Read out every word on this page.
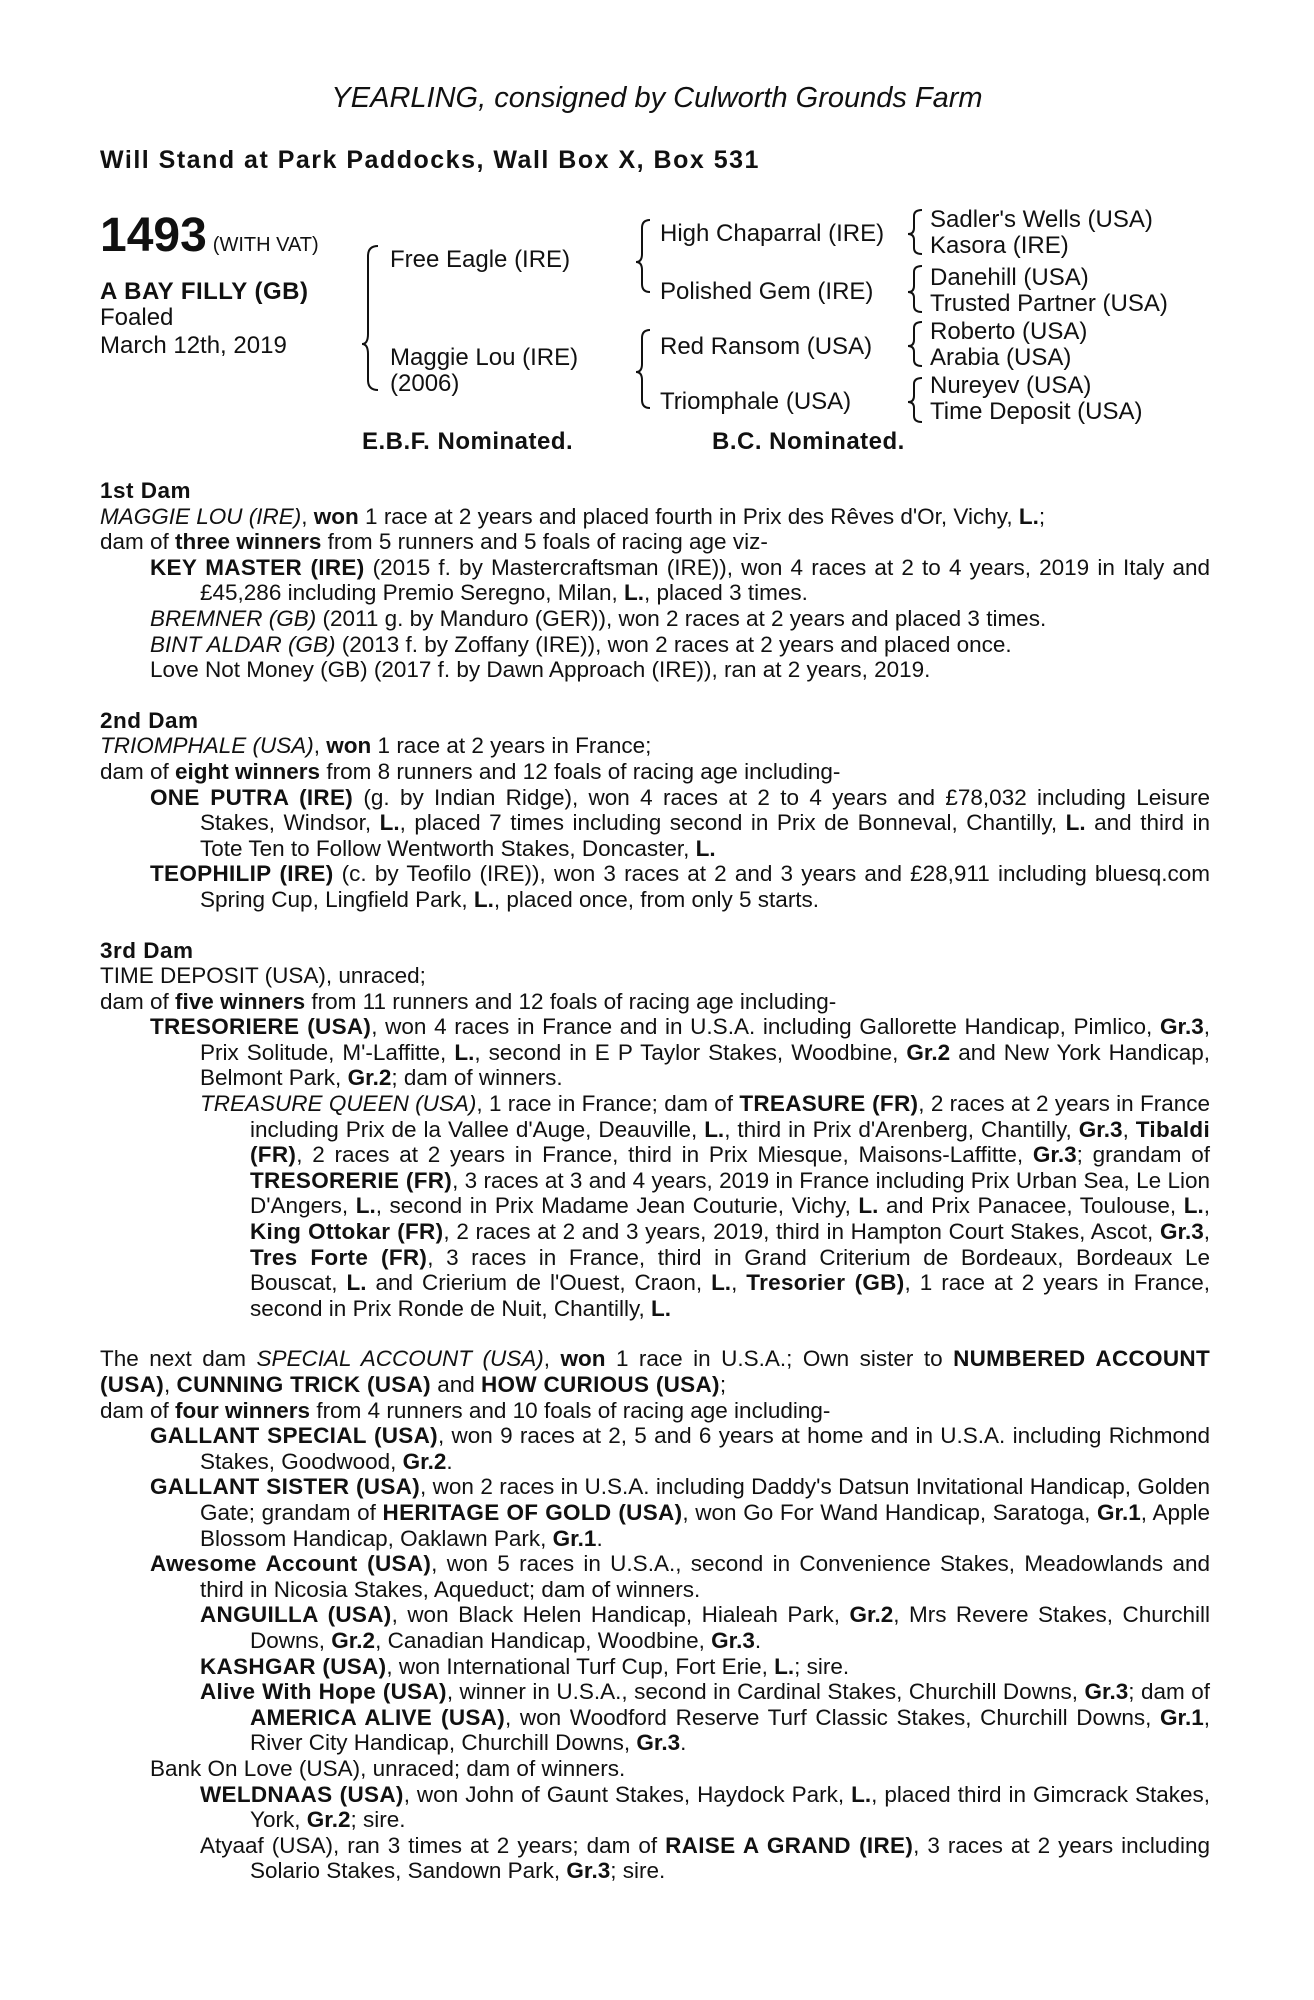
YEARLING, consigned by Culworth Grounds Farm
Will Stand at Park Paddocks, Wall Box X, Box 531
1493 (WITH VAT)
A BAY FILLY (GB)
Foaled
March 12th, 2019
Free Eagle (IRE)
Maggie Lou (IRE)
(2006)
High Chaparral (IRE)
Polished Gem (IRE)
Red Ransom (USA)
Triomphale (USA)
Sadler's Wells (USA)
Kasora (IRE)
Danehill (USA)
Trusted Partner (USA)
Roberto (USA)
Arabia (USA)
Nureyev (USA)
Time Deposit (USA)
E.B.F. Nominated.	B.C. Nominated.
1st Dam
MAGGIE LOU (IRE), won 1 race at 2 years and placed fourth in Prix des Rêves d'Or, Vichy, L.;
dam of three winners from 5 runners and 5 foals of racing age viz-
KEY MASTER (IRE) (2015 f. by Mastercraftsman (IRE)), won 4 races at 2 to 4 years, 2019 in Italy and £45,286 including Premio Seregno, Milan, L., placed 3 times.
BREMNER (GB) (2011 g. by Manduro (GER)), won 2 races at 2 years and placed 3 times.
BINT ALDAR (GB) (2013 f. by Zoffany (IRE)), won 2 races at 2 years and placed once.
Love Not Money (GB) (2017 f. by Dawn Approach (IRE)), ran at 2 years, 2019.
2nd Dam
TRIOMPHALE (USA), won 1 race at 2 years in France;
dam of eight winners from 8 runners and 12 foals of racing age including-
ONE PUTRA (IRE) (g. by Indian Ridge), won 4 races at 2 to 4 years and £78,032 including Leisure Stakes, Windsor, L., placed 7 times including second in Prix de Bonneval, Chantilly, L. and third in Tote Ten to Follow Wentworth Stakes, Doncaster, L.
TEOPHILIP (IRE) (c. by Teofilo (IRE)), won 3 races at 2 and 3 years and £28,911 including bluesq.com Spring Cup, Lingfield Park, L., placed once, from only 5 starts.
3rd Dam
TIME DEPOSIT (USA), unraced;
dam of five winners from 11 runners and 12 foals of racing age including-
TRESORIERE (USA), won 4 races in France and in U.S.A. including Gallorette Handicap, Pimlico, Gr.3, Prix Solitude, M'-Laffitte, L., second in E P Taylor Stakes, Woodbine, Gr.2 and New York Handicap, Belmont Park, Gr.2; dam of winners.
TREASURE QUEEN (USA), 1 race in France; dam of TREASURE (FR), 2 races at 2 years in France including Prix de la Vallee d'Auge, Deauville, L., third in Prix d'Arenberg, Chantilly, Gr.3, Tibaldi (FR), 2 races at 2 years in France, third in Prix Miesque, Maisons-Laffitte, Gr.3; grandam of TRESORERIE (FR), 3 races at 3 and 4 years, 2019 in France including Prix Urban Sea, Le Lion D'Angers, L., second in Prix Madame Jean Couturie, Vichy, L. and Prix Panacee, Toulouse, L., King Ottokar (FR), 2 races at 2 and 3 years, 2019, third in Hampton Court Stakes, Ascot, Gr.3, Tres Forte (FR), 3 races in France, third in Grand Criterium de Bordeaux, Bordeaux Le Bouscat, L. and Crierium de l'Ouest, Craon, L., Tresorier (GB), 1 race at 2 years in France, second in Prix Ronde de Nuit, Chantilly, L.
The next dam SPECIAL ACCOUNT (USA), won 1 race in U.S.A.; Own sister to NUMBERED ACCOUNT (USA), CUNNING TRICK (USA) and HOW CURIOUS (USA);
dam of four winners from 4 runners and 10 foals of racing age including-
GALLANT SPECIAL (USA), won 9 races at 2, 5 and 6 years at home and in U.S.A. including Richmond Stakes, Goodwood, Gr.2.
GALLANT SISTER (USA), won 2 races in U.S.A. including Daddy's Datsun Invitational Handicap, Golden Gate; grandam of HERITAGE OF GOLD (USA), won Go For Wand Handicap, Saratoga, Gr.1, Apple Blossom Handicap, Oaklawn Park, Gr.1.
Awesome Account (USA), won 5 races in U.S.A., second in Convenience Stakes, Meadowlands and third in Nicosia Stakes, Aqueduct; dam of winners.
ANGUILLA (USA), won Black Helen Handicap, Hialeah Park, Gr.2, Mrs Revere Stakes, Churchill Downs, Gr.2, Canadian Handicap, Woodbine, Gr.3.
KASHGAR (USA), won International Turf Cup, Fort Erie, L.; sire.
Alive With Hope (USA), winner in U.S.A., second in Cardinal Stakes, Churchill Downs, Gr.3; dam of AMERICA ALIVE (USA), won Woodford Reserve Turf Classic Stakes, Churchill Downs, Gr.1, River City Handicap, Churchill Downs, Gr.3.
Bank On Love (USA), unraced; dam of winners.
WELDNAAS (USA), won John of Gaunt Stakes, Haydock Park, L., placed third in Gimcrack Stakes, York, Gr.2; sire.
Atyaaf (USA), ran 3 times at 2 years; dam of RAISE A GRAND (IRE), 3 races at 2 years including Solario Stakes, Sandown Park, Gr.3; sire.
